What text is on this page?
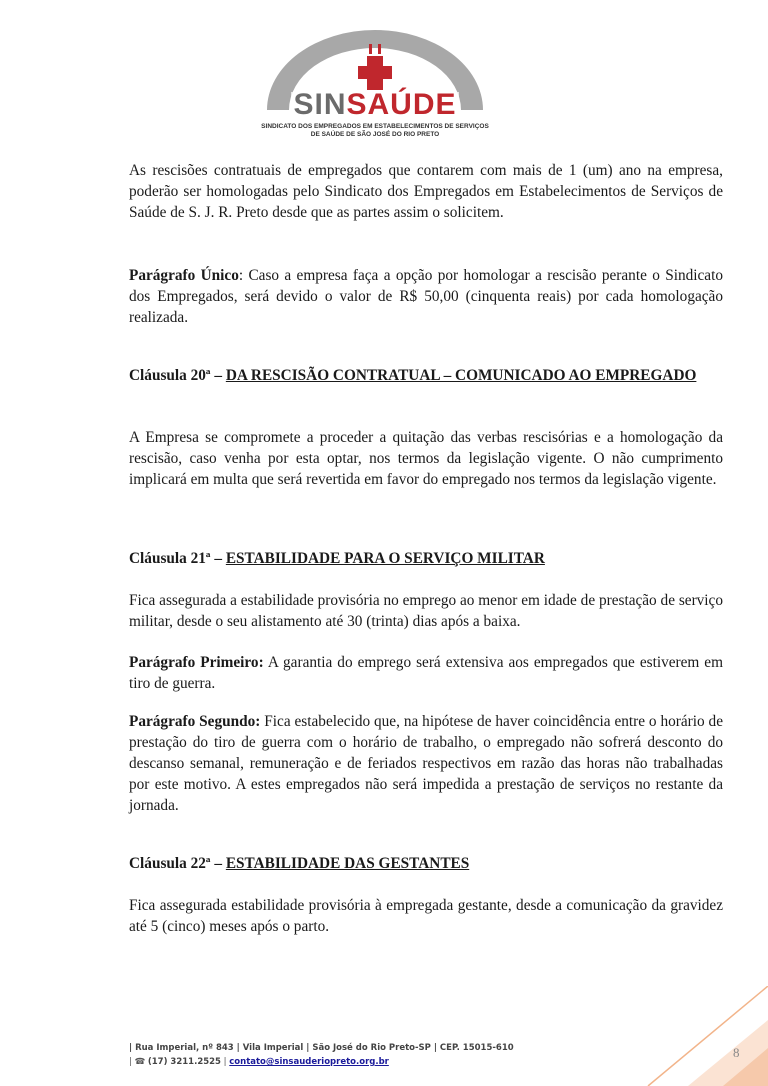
SINSAÚDE
SINDICATO DOS EMPREGADOS EM ESTABELECIMENTOS DE SERVIÇOS
DE SAÚDE DE SÃO JOSÉ DO RIO PRETO

As rescisões contratuais de empregados que contarem com mais de 1 (um) ano na empresa, poderão ser homologadas pelo Sindicato dos Empregados em Estabelecimentos de Serviços de Saúde de S. J. R. Preto desde que as partes assim o solicitem.

Parágrafo Único: Caso a empresa faça a opção por homologar a rescisão perante o Sindicato dos Empregados, será devido o valor de R$ 50,00 (cinquenta reais) por cada homologação realizada.

Cláusula 20ª – DA RESCISÃO CONTRATUAL – COMUNICADO AO EMPREGADO

A Empresa se compromete a proceder a quitação das verbas rescisórias e a homologação da rescisão, caso venha por esta optar, nos termos da legislação vigente. O não cumprimento implicará em multa que será revertida em favor do empregado nos termos da legislação vigente.

Cláusula 21ª – ESTABILIDADE PARA O SERVIÇO MILITAR

Fica assegurada a estabilidade provisória no emprego ao menor em idade de prestação de serviço militar, desde o seu alistamento até 30 (trinta) dias após a baixa.

Parágrafo Primeiro: A garantia do emprego será extensiva aos empregados que estiverem em tiro de guerra.

Parágrafo Segundo: Fica estabelecido que, na hipótese de haver coincidência entre o horário de prestação do tiro de guerra com o horário de trabalho, o empregado não sofrerá desconto do descanso semanal, remuneração e de feriados respectivos em razão das horas não trabalhadas por este motivo. A estes empregados não será impedida a prestação de serviços no restante da jornada.

Cláusula 22ª – ESTABILIDADE DAS GESTANTES

Fica assegurada estabilidade provisória à empregada gestante, desde a comunicação da gravidez até 5 (cinco) meses após o parto.

| Rua Imperial, nº 843 | Vila Imperial | São José do Rio Preto-SP | CEP. 15015-610
| ☎ (17) 3211.2525 | contato@sinsauderiopreto.org.br
8
